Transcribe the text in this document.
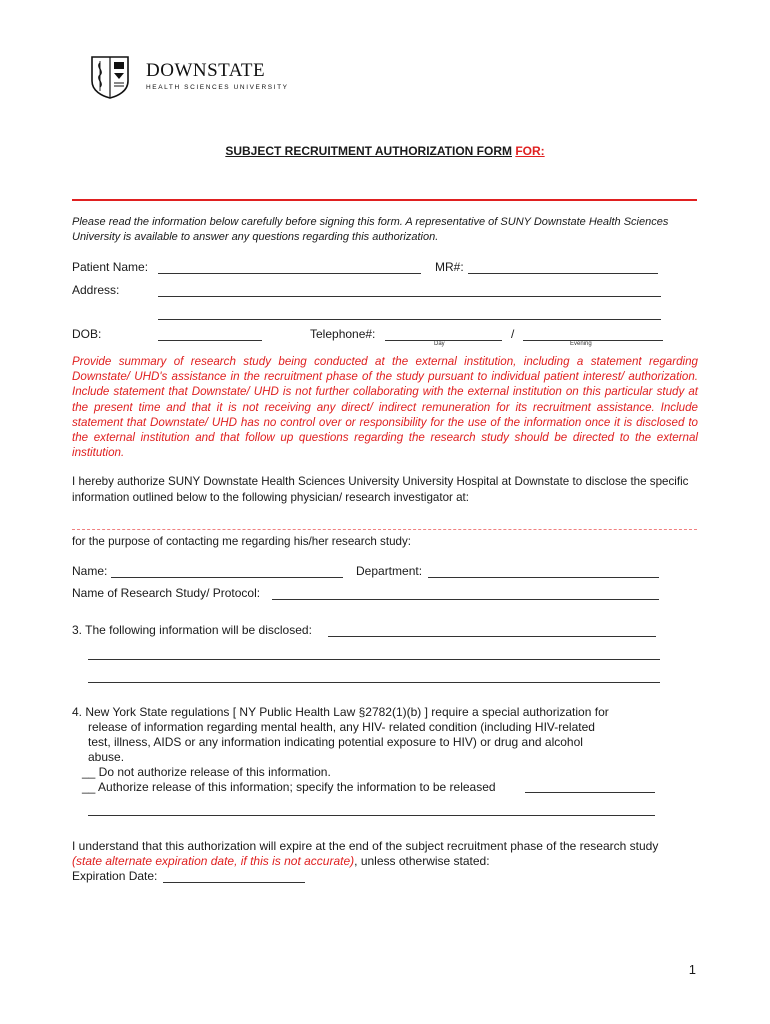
DOWNSTATE
HEALTH SCIENCES UNIVERSITY
SUBJECT RECRUITMENT AUTHORIZATION FORM FOR:
Please read the information below carefully before signing this form. A representative of SUNY Downstate Health Sciences University is available to answer any questions regarding this authorization.
Patient Name:	MR#:
Address:
DOB:	Telephone#:	/
Day	Evening
Provide summary of research study being conducted at the external institution, including a statement regarding Downstate/ UHD's assistance in the recruitment phase of the study pursuant to individual patient interest/ authorization. Include statement that Downstate/ UHD is not further collaborating with the external institution on this particular study at the present time and that it is not receiving any direct/ indirect remuneration for its recruitment assistance. Include statement that Downstate/ UHD has no control over or responsibility for the use of the information once it is disclosed to the external institution and that follow up questions regarding the research study should be directed to the external institution.
I hereby authorize SUNY Downstate Health Sciences University University Hospital at Downstate to disclose the specific information outlined below to the following physician/ research investigator at:
for the purpose of contacting me regarding his/her research study:
Name:	Department:
Name of Research Study/ Protocol:
3. The following information will be disclosed:
4. New York State regulations [ NY Public Health Law §2782(1)(b) ] require a special authorization for
release of information regarding mental health, any HIV- related condition (including HIV-related
test, illness, AIDS or any information indicating potential exposure to HIV) or drug and alcohol
abuse.
__ Do not authorize release of this information.
__ Authorize release of this information; specify the information to be released
I understand that this authorization will expire at the end of the subject recruitment phase of the research study
(state alternate expiration date, if this is not accurate), unless otherwise stated:
Expiration Date:
1
